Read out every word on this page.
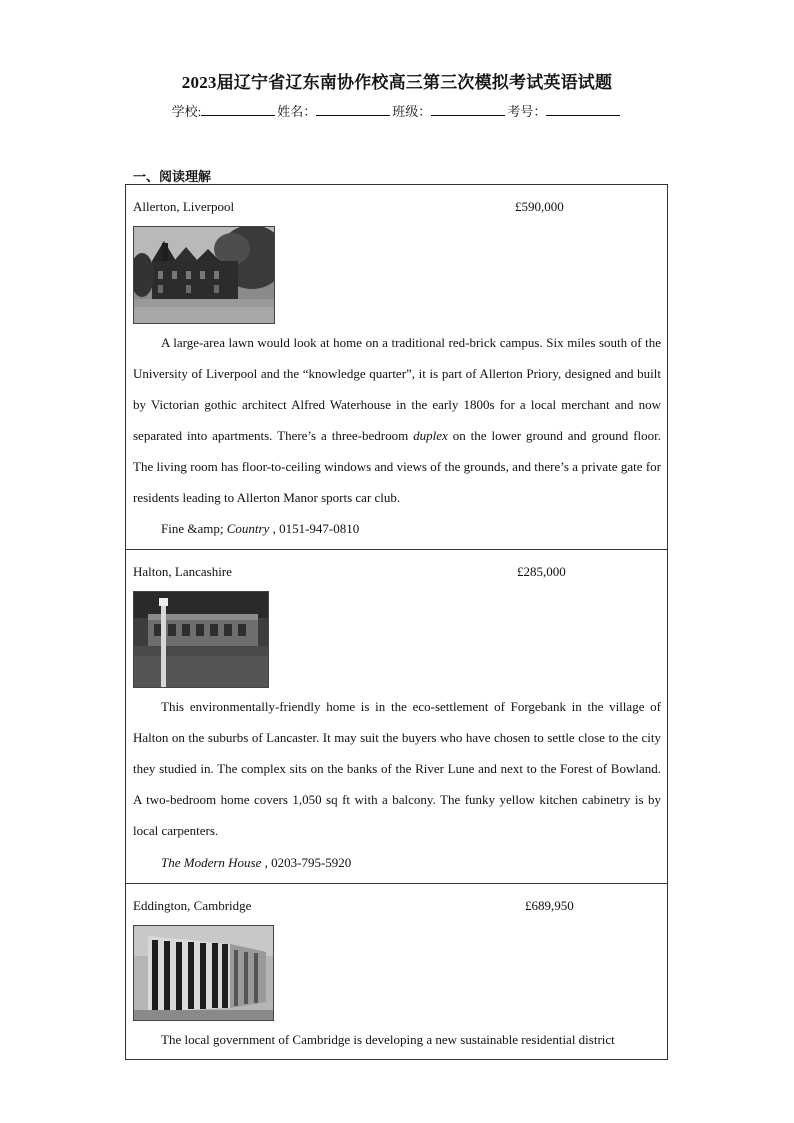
2023届辽宁省辽东南协作校高三第三次模拟考试英语试题
学校:	姓名：	班级：	考号：
一、阅读理解
Allerton, Liverpool	£590,000

A large-area lawn would look at home on a traditional red-brick campus. Six miles south of the University of Liverpool and the “knowledge quarter”, it is part of Allerton Priory, designed and built by Victorian gothic architect Alfred Waterhouse in the early 1800s for a local merchant and now separated into apartments. There’s a three-bedroom duplex on the lower ground and ground floor. The living room has floor-to-ceiling windows and views of the grounds, and there’s a private gate for residents leading to Allerton Manor sports car club.

Fine &amp; Country , 0151-947-0810
Halton, Lancashire	£285,000

This environmentally-friendly home is in the eco-settlement of Forgebank in the village of Halton on the suburbs of Lancaster. It may suit the buyers who have chosen to settle close to the city they studied in. The complex sits on the banks of the River Lune and next to the Forest of Bowland. A two-bedroom home covers 1,050 sq ft with a balcony. The funky yellow kitchen cabinetry is by local carpenters.

The Modern House , 0203-795-5920
Eddington, Cambridge	£689,950

The local government of Cambridge is developing a new sustainable residential district
